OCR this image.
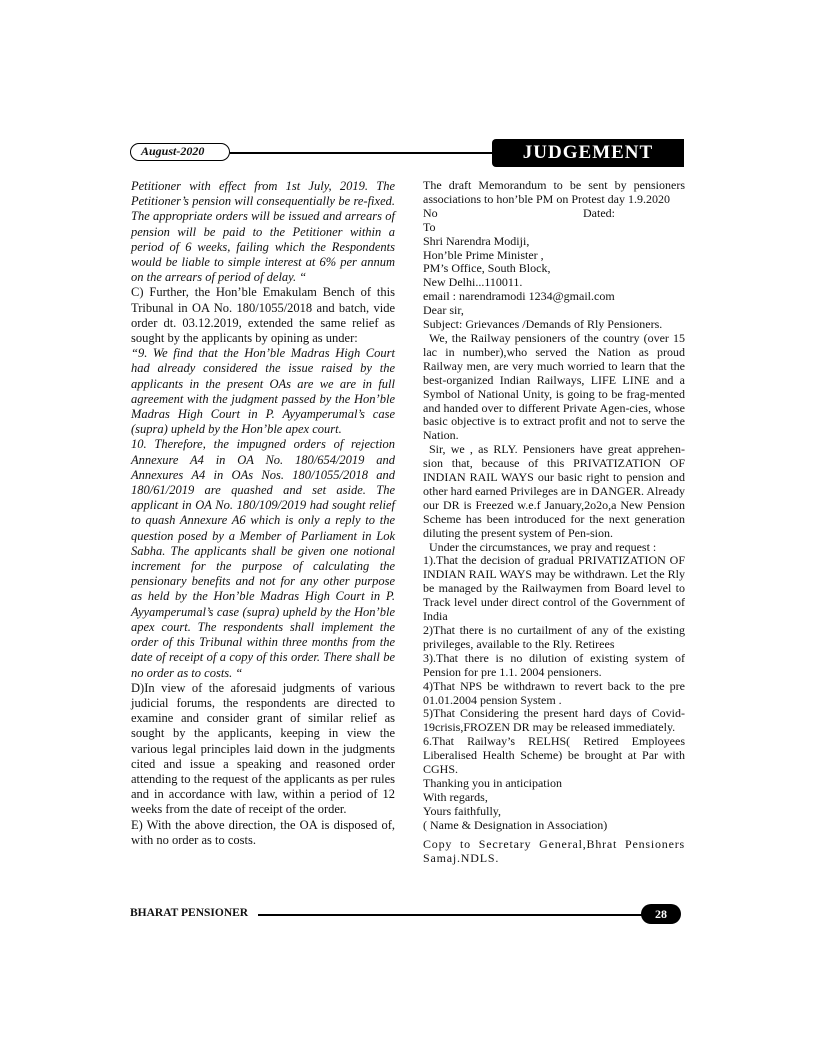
August-2020	JUDGEMENT

Petitioner with effect from 1st July, 2019. The Petitioner’s pension will consequentially be re-fixed. The appropriate orders will be issued and arrears of pension will be paid to the Petitioner within a period of 6 weeks, failing which the Respondents would be liable to simple interest at 6% per annum on the arrears of period of delay. “

C) Further, the Hon’ble Emakulam Bench of this Tribunal in OA No. 180/1055/2018 and batch, vide order dt. 03.12.2019, extended the same relief as sought by the applicants by opining as under:

“9. We find that the Hon’ble Madras High Court had already considered the issue raised by the applicants in the present OAs are we are in full agreement with the judgment passed by the Hon’ble Madras High Court in P. Ayyamperumal’s case (supra) upheld by the Hon’ble apex court.

10. Therefore, the impugned orders of rejection Annexure A4 in OA No. 180/654/2019 and Annexures A4 in OAs Nos. 180/1055/2018 and 180/61/2019 are quashed and set aside. The applicant in OA No. 180/109/2019 had sought relief to quash Annexure A6 which is only a reply to the question posed by a Member of Parliament in Lok Sabha. The applicants shall be given one notional increment for the purpose of calculating the pensionary benefits and not for any other purpose as held by the Hon’ble Madras High Court in P. Ayyamperumal’s case (supra) upheld by the Hon’ble apex court. The respondents shall implement the order of this Tribunal within three months from the date of receipt of a copy of this order. There shall be no order as to costs. “

D)In view of the aforesaid judgments of various judicial forums, the respondents are directed to examine and consider grant of similar relief as sought by the applicants, keeping in view the various legal principles laid down in the judgments cited and issue a speaking and reasoned order attending to the request of the applicants as per rules and in accordance with law, within a period of 12 weeks from the date of receipt of the order.

E) With the above direction, the OA is disposed of, with no order as to costs.

The draft Memorandum to be sent by pensioners associations to hon’ble PM on Protest day 1.9.2020

No	Dated:

To

Shri Narendra Modiji,

Hon’ble Prime Minister ,

PM’s Office, South Block,

New Delhi...110011.

email : narendramodi 1234@gmail.com

Dear sir,

Subject: Grievances /Demands of Rly Pensioners.

We, the Railway pensioners of the country (over 15 lac in number),who served the Nation as proud Railway men, are very much worried to learn that the best-organized Indian Railways, LIFE LINE and a Symbol of National Unity, is going to be frag-mented and handed over to different Private Agen-cies, whose basic objective is to extract profit and not to serve the Nation.

Sir, we , as RLY. Pensioners have great apprehen-sion that, because of this PRIVATIZATION OF INDIAN RAIL WAYS our basic right to pension and other hard earned Privileges are in DANGER. Already our DR is Freezed w.e.f January,2o2o,a New Pension Scheme has been introduced for the next generation diluting the present system of Pen-sion.

Under the circumstances, we pray and request :

1).That the decision of gradual PRIVATIZATION OF INDIAN RAIL WAYS may be withdrawn. Let the Rly be managed by the Railwaymen from Board level to Track level under direct control of the Government of India

2)That there is no curtailment of any of the existing privileges, available to the Rly. Retirees

3).That there is no dilution of existing system of Pension for pre 1.1. 2004 pensioners.

4)That NPS be withdrawn to revert back to the pre 01.01.2004 pension System .

5)That Considering the present hard days of Covid-19crisis,FROZEN DR may be released immediately.

6.That Railway’s RELHS( Retired Employees Liberalised Health Scheme) be brought at Par with CGHS.

Thanking you in anticipation

With regards,

Yours faithfully,

( Name & Designation in Association)

Copy to Secretary General,Bhrat Pensioners Samaj.NDLS.

BHARAT PENSIONER	28
